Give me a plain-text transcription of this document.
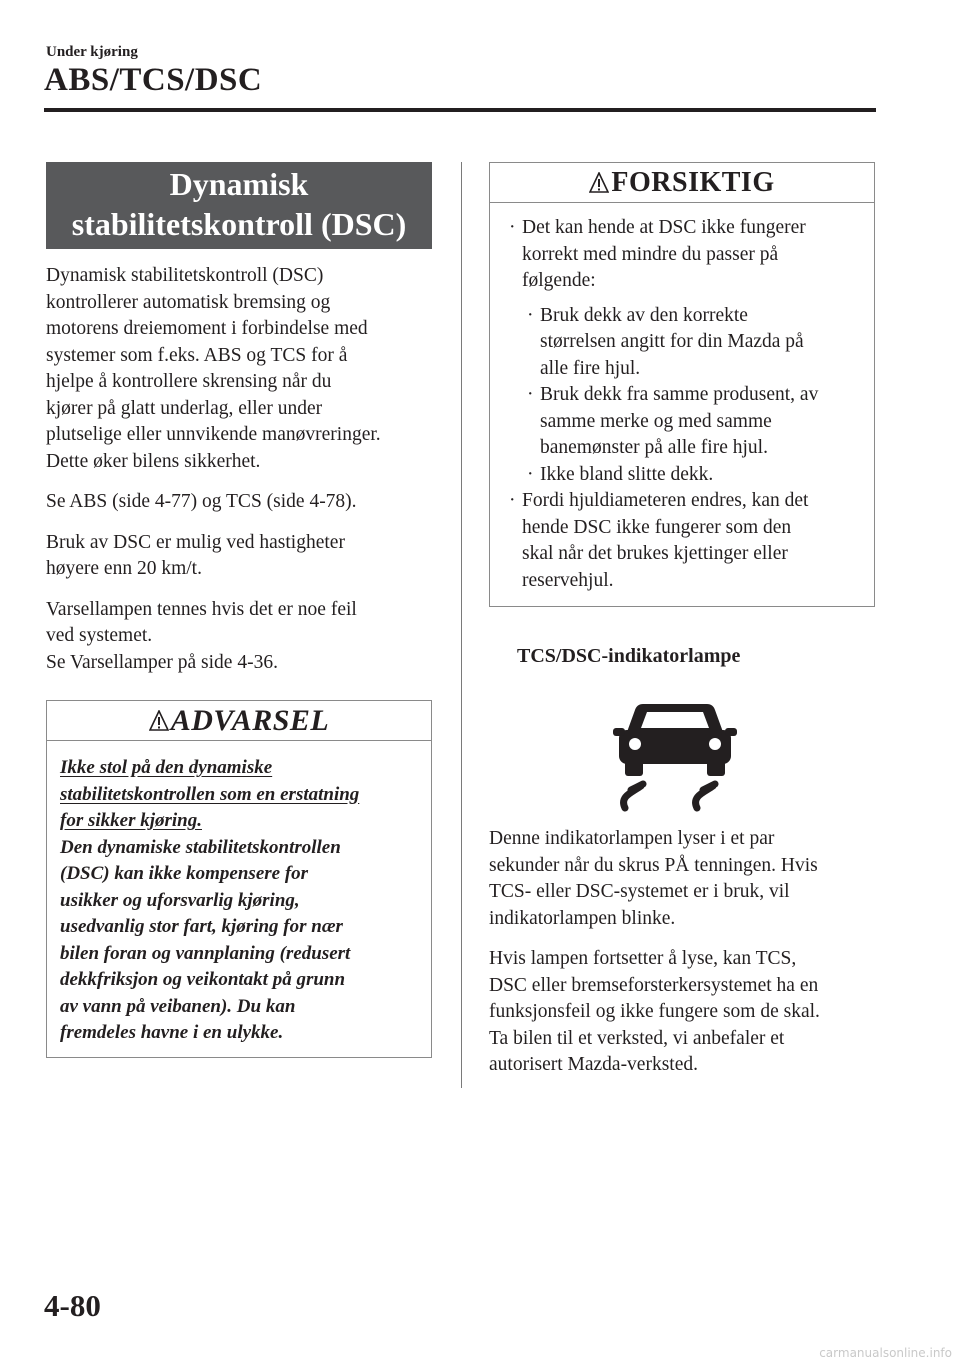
Under kjøring
ABS/TCS/DSC
Dynamisk
stabilitetskontroll (DSC)
Dynamisk stabilitetskontroll (DSC)
kontrollerer automatisk bremsing og
motorens dreiemoment i forbindelse med
systemer som f.eks. ABS og TCS for å
hjelpe å kontrollere skrensing når du
kjører på glatt underlag, eller under
plutselige eller unnvikende manøvreringer.
Dette øker bilens sikkerhet.
Se ABS (side 4-77) og TCS (side 4-78).
Bruk av DSC er mulig ved hastigheter
høyere enn 20 km/t.
Varsellampen tennes hvis det er noe feil
ved systemet.
Se Varsellamper på side 4-36.
ADVARSEL
Ikke stol på den dynamiske
stabilitetskontrollen som en erstatning
for sikker kjøring.
Den dynamiske stabilitetskontrollen
(DSC) kan ikke kompensere for
usikker og uforsvarlig kjøring,
usedvanlig stor fart, kjøring for nær
bilen foran og vannplaning (redusert
dekkfriksjon og veikontakt på grunn
av vann på veibanen). Du kan
fremdeles havne i en ulykke.
FORSIKTIG
· Det kan hende at DSC ikke fungerer
korrekt med mindre du passer på
følgende:
· Bruk dekk av den korrekte
størrelsen angitt for din Mazda på
alle fire hjul.
· Bruk dekk fra samme produsent, av
samme merke og med samme
banemønster på alle fire hjul.
· Ikke bland slitte dekk.
· Fordi hjuldiameteren endres, kan det
hende DSC ikke fungerer som den
skal når det brukes kjettinger eller
reservehjul.
TCS/DSC-indikatorlampe
Denne indikatorlampen lyser i et par
sekunder når du skrus PÅ tenningen. Hvis
TCS- eller DSC-systemet er i bruk, vil
indikatorlampen blinke.
Hvis lampen fortsetter å lyse, kan TCS,
DSC eller bremseforsterkersystemet ha en
funksjonsfeil og ikke fungere som de skal.
Ta bilen til et verksted, vi anbefaler et
autorisert Mazda-verksted.
4-80
carmanualsonline.info
